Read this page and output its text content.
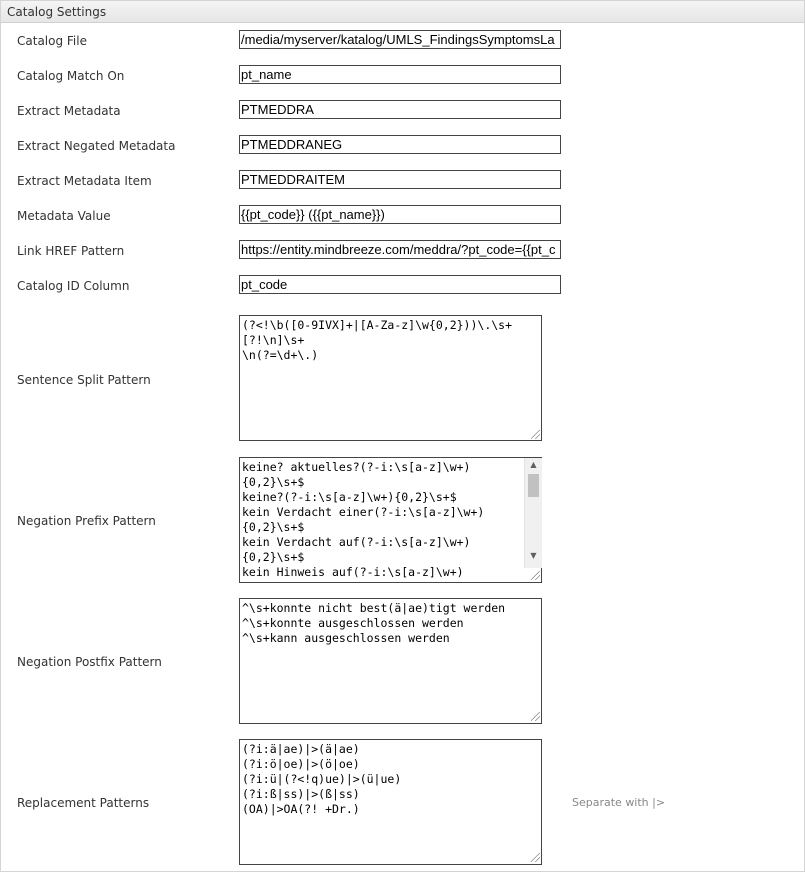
Catalog Settings
Catalog File
/media/myserver/katalog/UMLS_FindingsSymptomsLa
Catalog Match On
pt_name
Extract Metadata
PTMEDDRA
Extract Negated Metadata
PTMEDDRANEG
Extract Metadata Item
PTMEDDRAITEM
Metadata Value
{{pt_code}} ({{pt_name}})
Link HREF Pattern
https://entity.mindbreeze.com/meddra/?pt_code={{pt_c
Catalog ID Column
pt_code
Sentence Split Pattern
(?<!\b([0-9IVX]+|[A-Za-z]\w{0,2}))\.\s+ [?!\n]\s+ \n(?=\d+\.)
Negation Prefix Pattern
keine? aktuelles?(?-i:\s[a-z]\w+) {0,2}\s+$ keine?(?-i:\s[a-z]\w+){0,2}\s+$ kein Verdacht einer(?-i:\s[a-z]\w+) {0,2}\s+$ kein Verdacht auf(?-i:\s[a-z]\w+) {0,2}\s+$ kein Hinweis auf(?-i:\s[a-z]\w+)
▲
▼
Negation Postfix Pattern
^\s+konnte nicht best(ä|ae)tigt werden ^\s+konnte ausgeschlossen werden ^\s+kann ausgeschlossen werden
Replacement Patterns
(?i:ä|ae)|>(ä|ae) (?i:ö|oe)|>(ö|oe) (?i:ü|(?<!q)ue)|>(ü|ue) (?i:ß|ss)|>(ß|ss) (OA)|>OA(?! +Dr.)	Separate with |>
